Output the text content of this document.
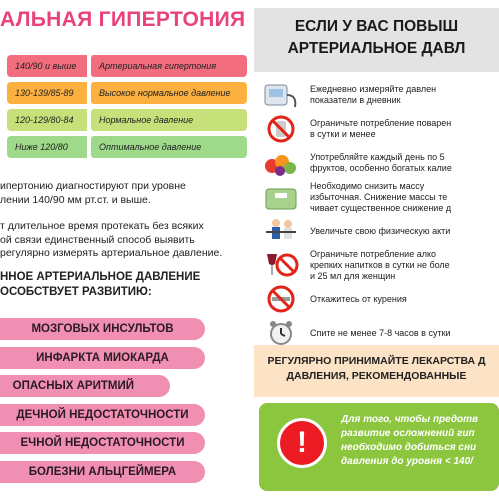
АЛЬНАЯ ГИПЕРТОНИЯ
140/90 и выше	Артериальная гипертония
130-139/85-89	Высокое нормальное давление
120-129/80-84	Нормальное давление
Ниже 120/80	Оптимальное давление
ипертонию диагностируют при уровне
лении 140/90 мм рт.ст. и выше.
т длительное время протекать без всяких
ой связи единственный способ выявить
регулярно измерять артериальное давление.
ННОЕ АРТЕРИАЛЬНОЕ ДАВЛЕНИЕ
ОСОБСТВУЕТ РАЗВИТИЮ:
МОЗГОВЫХ ИНСУЛЬТОВ
ИНФАРКТА МИОКАРДА
ОПАСНЫХ АРИТМИЙ
ДЕЧНОЙ НЕДОСТАТОЧНОСТИ
ЕЧНОЙ НЕДОСТАТОЧНОСТИ
БОЛЕЗНИ АЛЬЦГЕЙМЕРА
ЕСЛИ У ВАС ПОВЫШ
АРТЕРИАЛЬНОЕ ДАВЛ
Ежедневно измеряйте давлен
показатели в дневник
Ограничьте потребление поварен
в сутки и менее
Употребляйте каждый день по 5
фруктов, особенно богатых калие
Необходимо снизить массу
избыточная. Снижение массы те
чивает существенное снижение д
Увеличьте свою физическую акти
Ограничьте потребление алко
крепких напитков в сутки не боле
и 25 мл для женщин
Откажитесь от курения
Спите не менее 7-8 часов в сутки
РЕГУЛЯРНО ПРИНИМАЙТЕ ЛЕКАРСТВА Д
ДАВЛЕНИЯ, РЕКОМЕНДОВАННЫЕ
!
Для того, чтобы предотв
развитие осложнений гип
необходимо добиться сни
давления до уровня < 140/
